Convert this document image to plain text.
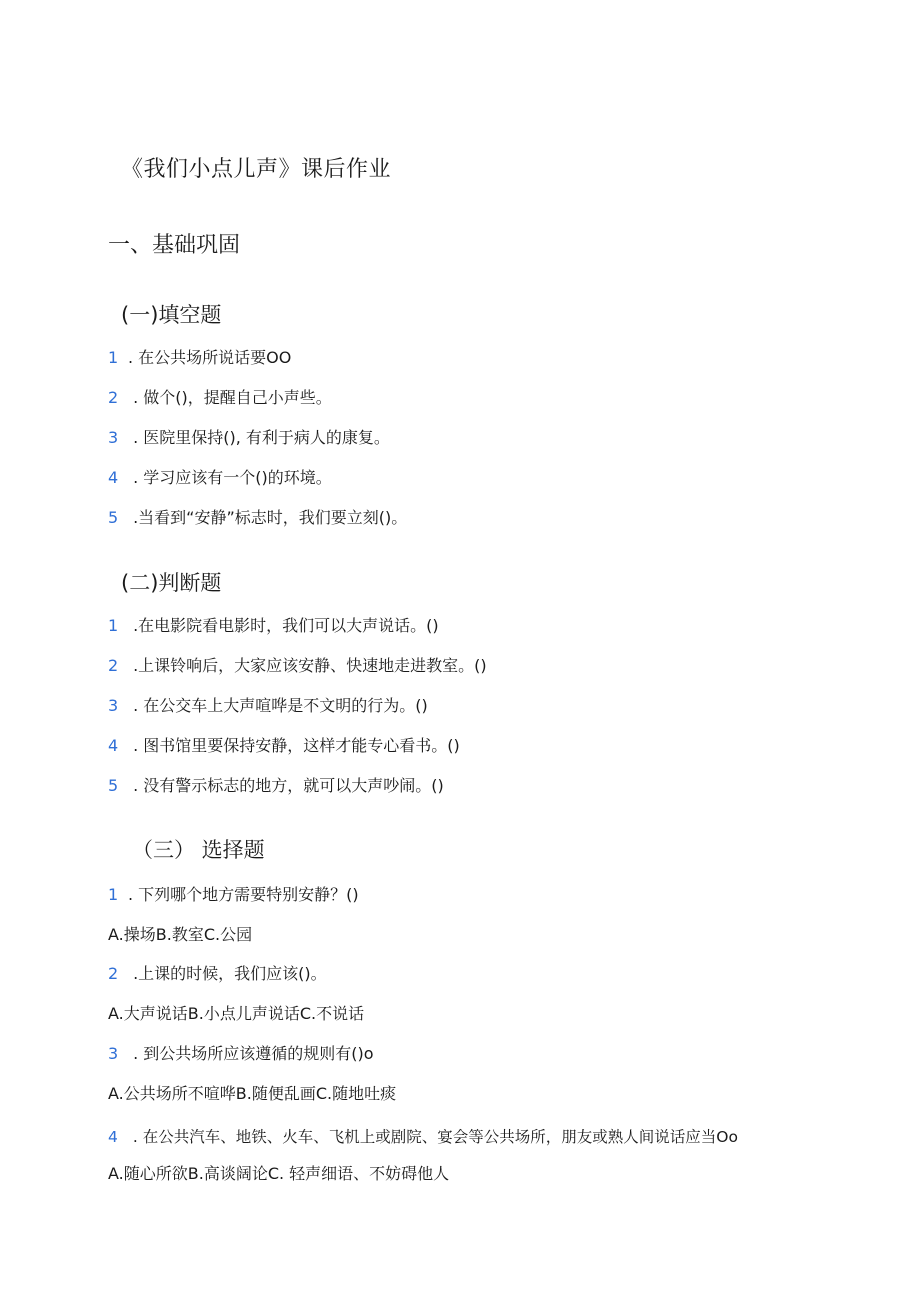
《我们小点儿声》课后作业
一、基础巩固
(一)填空题
1 . 在公共场所说话要OO
2 . 做个()，提醒自己小声些。
3 . 医院里保持(), 有利于病人的康复。
4 . 学习应该有一个()的环境。
5 .当看到“安静”标志时，我们要立刻()。
(二)判断题
1 .在电影院看电影时，我们可以大声说话。()
2 .上课铃响后，大家应该安静、快速地走进教室。()
3 . 在公交车上大声喧哗是不文明的行为。()
4 . 图书馆里要保持安静，这样才能专心看书。()
5 . 没有警示标志的地方，就可以大声吵闹。()
（三） 选择题
1 . 下列哪个地方需要特别安静？()
A.操场B.教室C.公园
2 .上课的时候，我们应该()。
A.大声说话B.小点儿声说话C.不说话
3 . 到公共场所应该遵循的规则有()o
A.公共场所不喧哗B.随便乱画C.随地吐痰
4 . 在公共汽车、地铁、火车、飞机上或剧院、宴会等公共场所，朋友或熟人间说话应当Oo
A.随心所欲B.高谈阔论C. 轻声细语、不妨碍他人
